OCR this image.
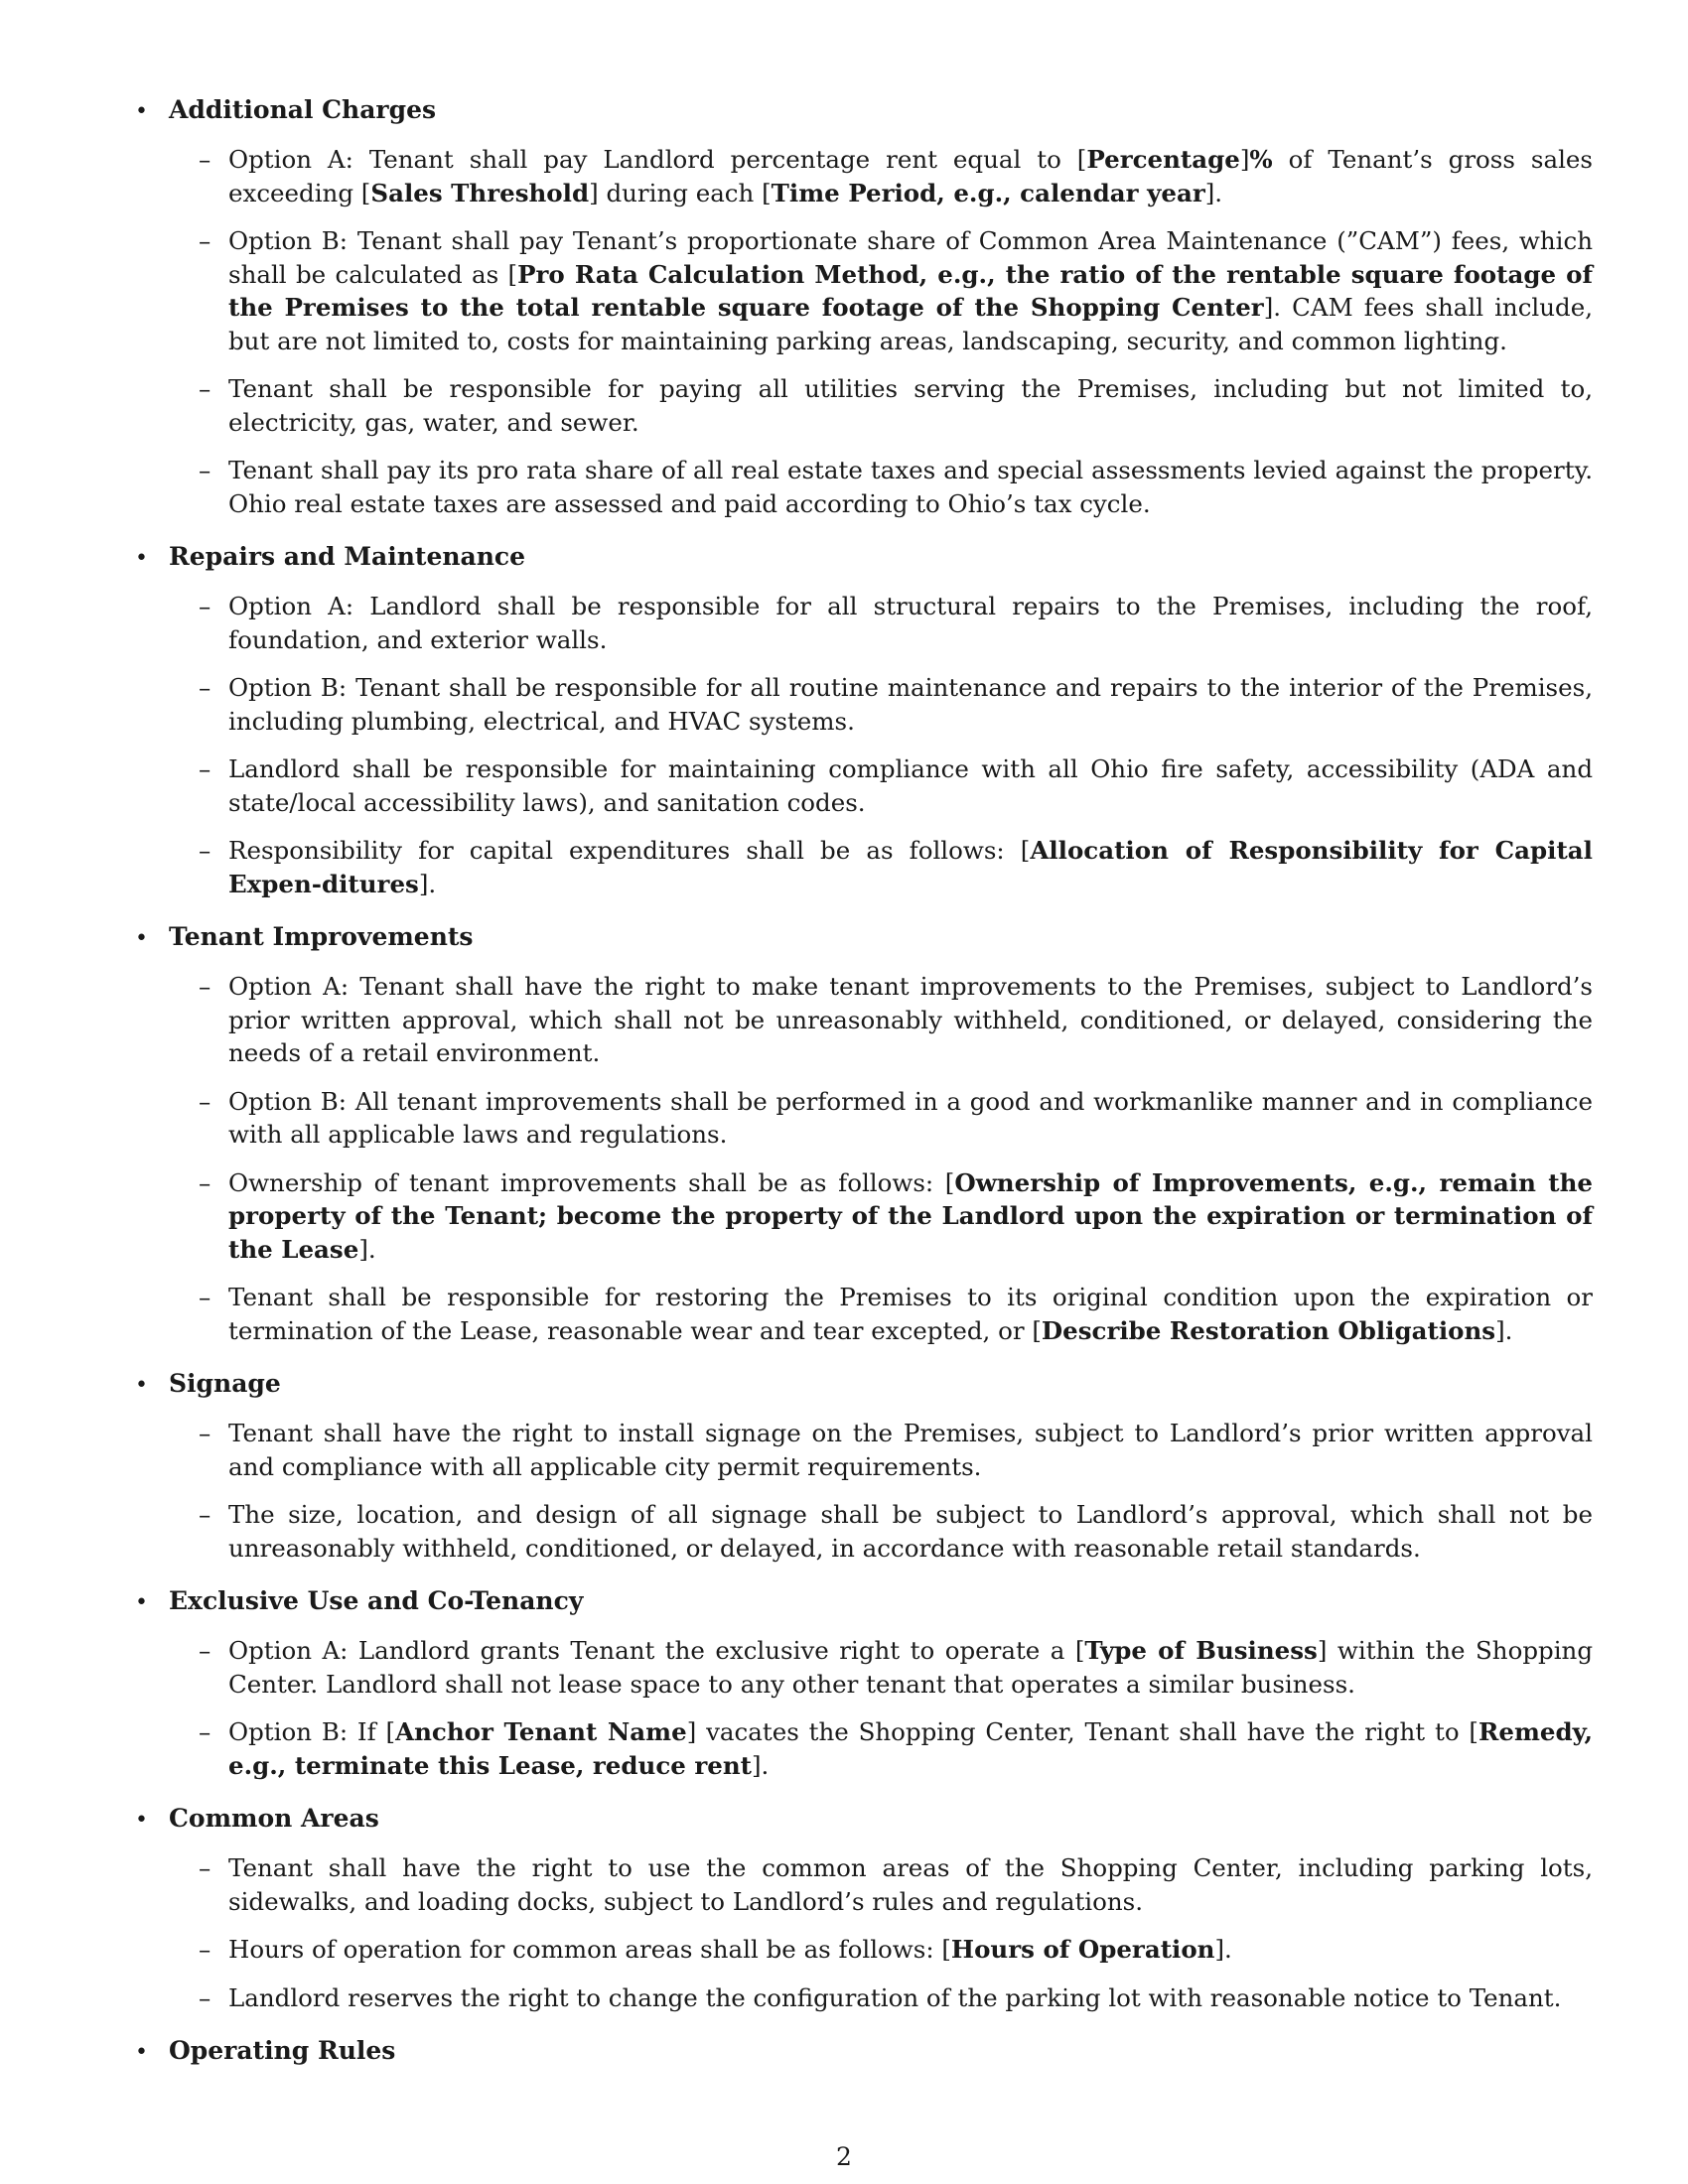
• Additional Charges
– Option A: Tenant shall pay Landlord percentage rent equal to [Percentage]% of Tenant’s gross sales exceeding [Sales Threshold] during each [Time Period, e.g., calendar year].
– Option B: Tenant shall pay Tenant’s proportionate share of Common Area Maintenance (”CAM”) fees, which shall be calculated as [Pro Rata Calculation Method, e.g., the ratio of the rentable square footage of the Premises to the total rentable square footage of the Shopping Center]. CAM fees shall include, but are not limited to, costs for maintaining parking areas, landscaping, security, and common lighting.
– Tenant shall be responsible for paying all utilities serving the Premises, including but not limited to, electricity, gas, water, and sewer.
– Tenant shall pay its pro rata share of all real estate taxes and special assessments levied against the property. Ohio real estate taxes are assessed and paid according to Ohio’s tax cycle.
• Repairs and Maintenance
– Option A: Landlord shall be responsible for all structural repairs to the Premises, including the roof, foundation, and exterior walls.
– Option B: Tenant shall be responsible for all routine maintenance and repairs to the interior of the Premises, including plumbing, electrical, and HVAC systems.
– Landlord shall be responsible for maintaining compliance with all Ohio fire safety, accessibility (ADA and state/local accessibility laws), and sanitation codes.
– Responsibility for capital expenditures shall be as follows: [Allocation of Responsibility for Capital Expen-ditures].
• Tenant Improvements
– Option A: Tenant shall have the right to make tenant improvements to the Premises, subject to Landlord’s prior written approval, which shall not be unreasonably withheld, conditioned, or delayed, considering the needs of a retail environment.
– Option B: All tenant improvements shall be performed in a good and workmanlike manner and in compliance with all applicable laws and regulations.
– Ownership of tenant improvements shall be as follows: [Ownership of Improvements, e.g., remain the property of the Tenant; become the property of the Landlord upon the expiration or termination of the Lease].
– Tenant shall be responsible for restoring the Premises to its original condition upon the expiration or termination of the Lease, reasonable wear and tear excepted, or [Describe Restoration Obligations].
• Signage
– Tenant shall have the right to install signage on the Premises, subject to Landlord’s prior written approval and compliance with all applicable city permit requirements.
– The size, location, and design of all signage shall be subject to Landlord’s approval, which shall not be unreasonably withheld, conditioned, or delayed, in accordance with reasonable retail standards.
• Exclusive Use and Co-Tenancy
– Option A: Landlord grants Tenant the exclusive right to operate a [Type of Business] within the Shopping Center. Landlord shall not lease space to any other tenant that operates a similar business.
– Option B: If [Anchor Tenant Name] vacates the Shopping Center, Tenant shall have the right to [Remedy, e.g., terminate this Lease, reduce rent].
• Common Areas
– Tenant shall have the right to use the common areas of the Shopping Center, including parking lots, sidewalks, and loading docks, subject to Landlord’s rules and regulations.
– Hours of operation for common areas shall be as follows: [Hours of Operation].
– Landlord reserves the right to change the configuration of the parking lot with reasonable notice to Tenant.
• Operating Rules
2
